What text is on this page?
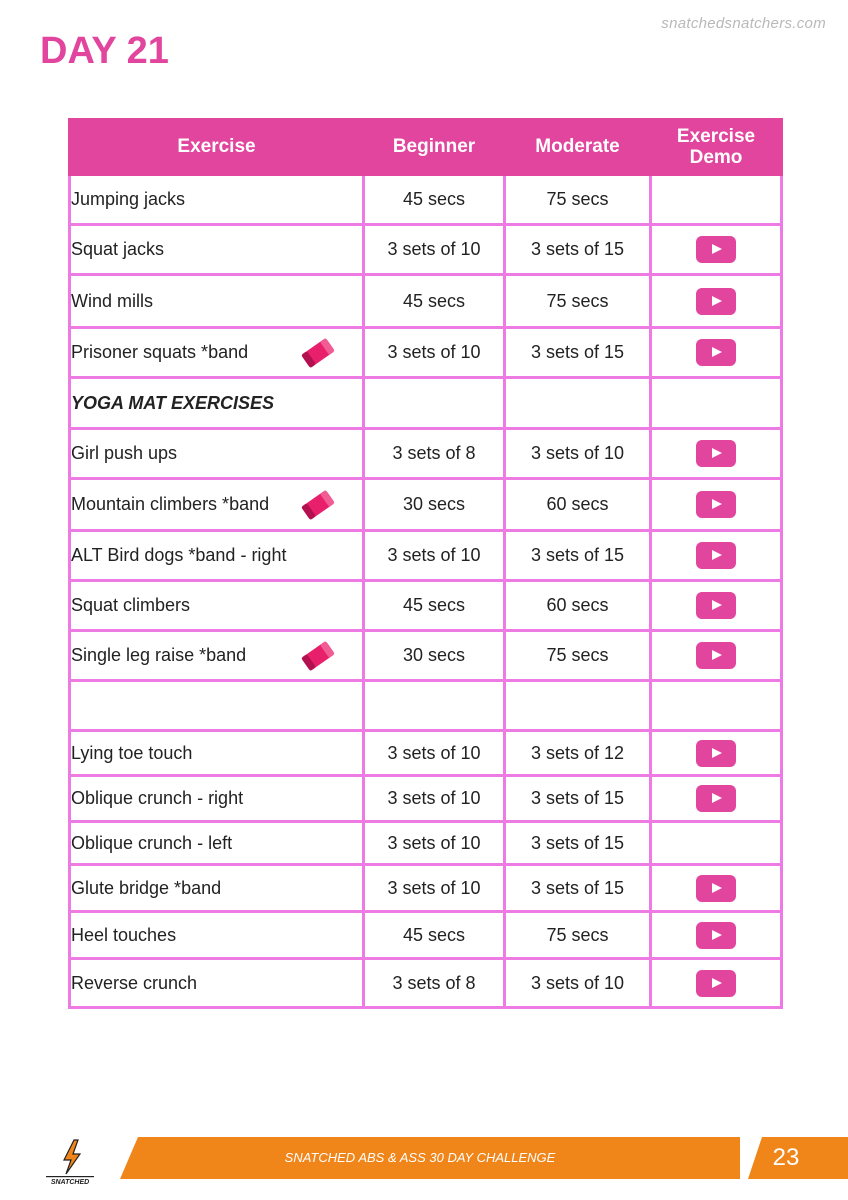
snatchedsnatchers.com
DAY 21
Exercise	Beginner	Moderate	Exercise Demo
Jumping jacks	45 secs	75 secs	
Squat jacks	3 sets of 10	3 sets of 15	
Wind mills	45 secs	75 secs	
Prisoner squats *band	3 sets of 10	3 sets of 15	
YOGA MAT EXERCISES			
Girl push ups	3 sets of 8	3 sets of 10	
Mountain climbers *band	30 secs	60 secs	
ALT Bird dogs *band - right	3 sets of 10	3 sets of 15	
Squat climbers	45 secs	60 secs	
Single leg raise *band	30 secs	75 secs	

Lying toe touch	3 sets of 10	3 sets of 12	
Oblique crunch - right	3 sets of 10	3 sets of 15	
Oblique crunch - left	3 sets of 10	3 sets of 15	
Glute bridge *band	3 sets of 10	3 sets of 15	
Heel touches	45 secs	75 secs	
Reverse crunch	3 sets of 8	3 sets of 10	
SNATCHED
SNATCHED ABS & ASS 30 DAY CHALLENGE	23
